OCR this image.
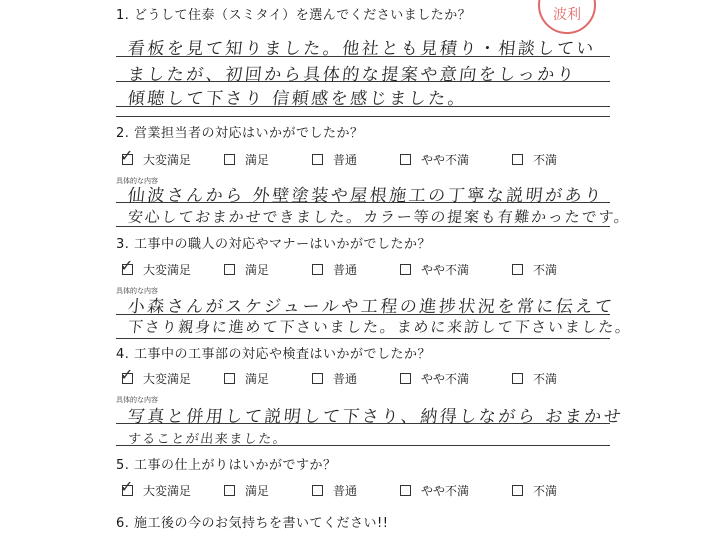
波利
1. どうして住泰（スミタイ）を選んでくださいましたか？
看板を見て知りました。他社とも見積り・相談してい
ましたが、初回から具体的な提案や意向をしっかり
傾聴して下さり 信頼感を感じました。
2. 営業担当者の対応はいかがでしたか？
✓ 大変満足	満足	普通	やや不満	不満
具体的な内容
仙波さんから 外壁塗装や屋根施工の丁寧な説明があり
安心しておまかせできました。カラー等の提案も有難かったです。
3. 工事中の職人の対応やマナーはいかがでしたか？
✓ 大変満足	満足	普通	やや不満	不満
具体的な内容
小森さんがスケジュールや工程の進捗状況を常に伝えて
下さり親身に進めて下さいました。まめに来訪して下さいました。
4. 工事中の工事部の対応や検査はいかがでしたか？
✓ 大変満足	満足	普通	やや不満	不満
具体的な内容
写真と併用して説明して下さり、納得しながら おまかせ
することが出来ました。
5. 工事の仕上がりはいかがですか？
✓ 大変満足	満足	普通	やや不満	不満
6. 施工後の今のお気持ちを書いてください!!
